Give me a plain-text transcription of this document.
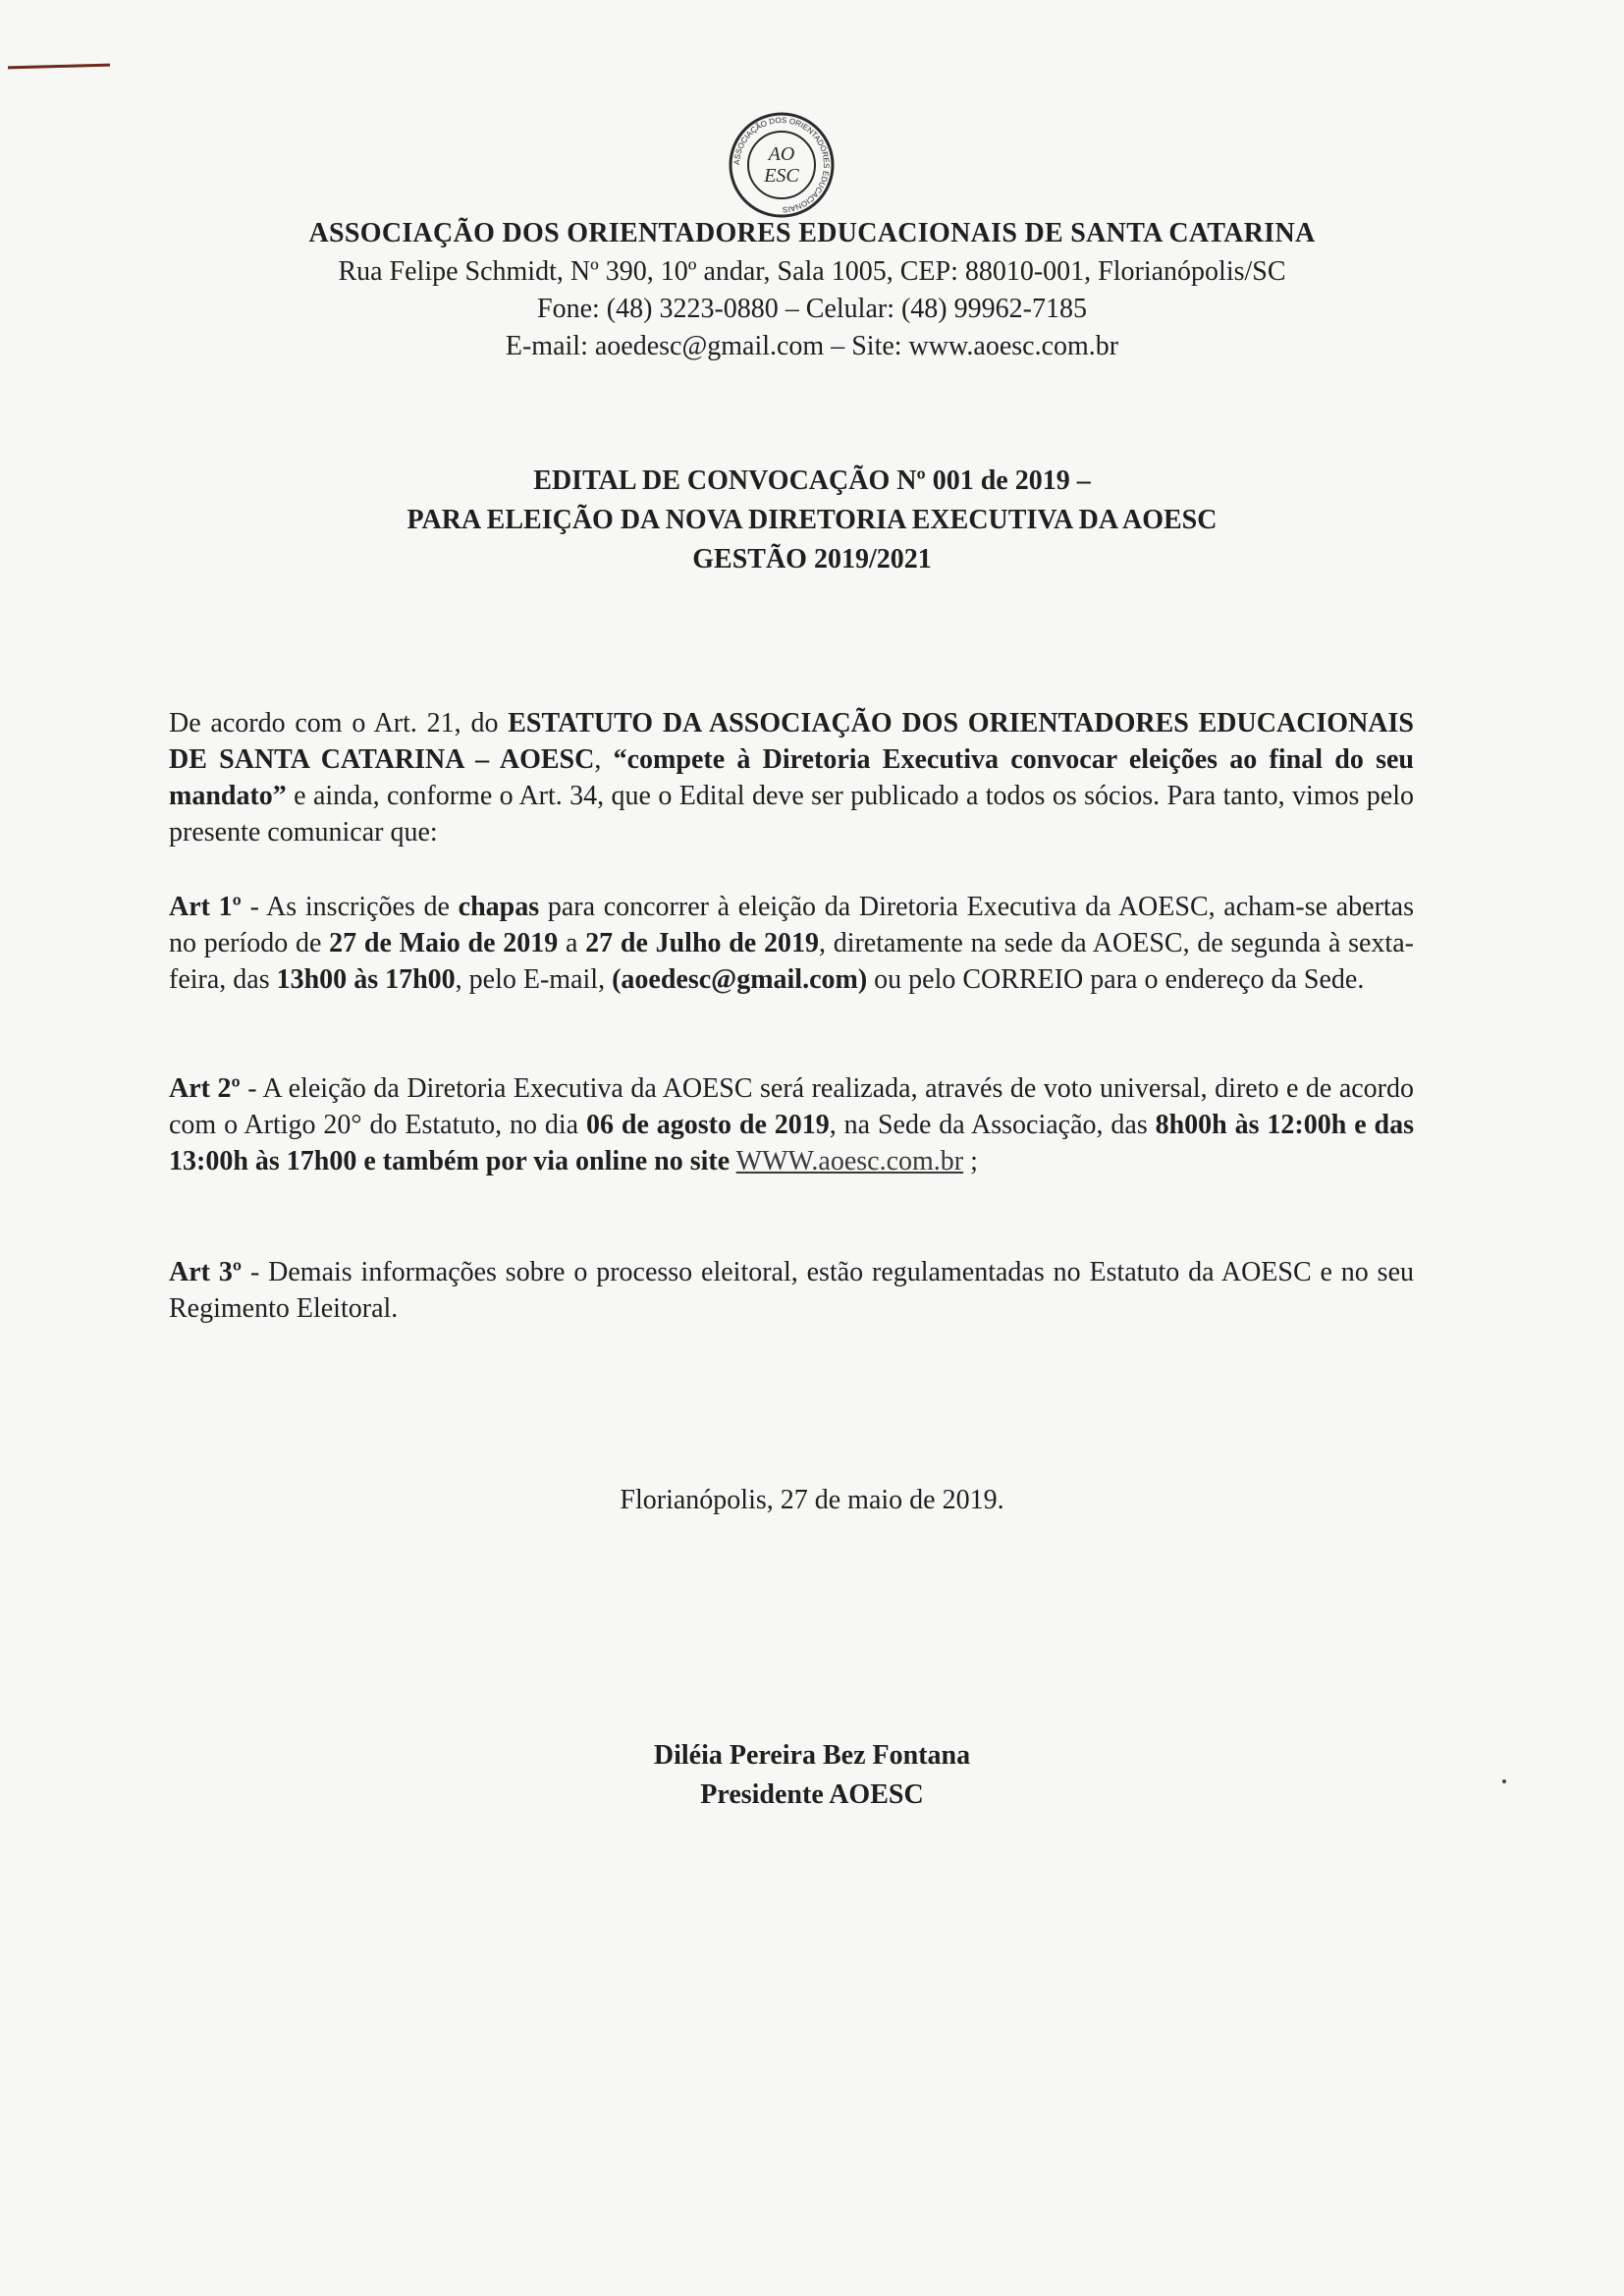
ASSOCIAÇÃO DOS ORIENTADORES EDUCACIONAIS
AO
ESC
ASSOCIAÇÃO DOS ORIENTADORES EDUCACIONAIS DE SANTA CATARINA
Rua Felipe Schmidt, Nº 390, 10º andar, Sala 1005, CEP: 88010-001, Florianópolis/SC
Fone: (48) 3223-0880 – Celular: (48) 99962-7185
E-mail: aoedesc@gmail.com – Site: www.aoesc.com.br
EDITAL DE CONVOCAÇÃO Nº 001 de 2019 –
PARA ELEIÇÃO DA NOVA DIRETORIA EXECUTIVA DA AOESC
GESTÃO 2019/2021

De acordo com o Art. 21, do ESTATUTO DA ASSOCIAÇÃO DOS ORIENTADORES EDUCACIONAIS DE SANTA CATARINA – AOESC, “compete à Diretoria Executiva convocar eleições ao final do seu mandato” e ainda, conforme o Art. 34, que o Edital deve ser publicado a todos os sócios. Para tanto, vimos pelo presente comunicar que:

Art 1º - As inscrições de chapas para concorrer à eleição da Diretoria Executiva da AOESC, acham-se abertas no período de 27 de Maio de 2019 a 27 de Julho de 2019, diretamente na sede da AOESC, de segunda à sexta-feira, das 13h00 às 17h00, pelo E-mail, (aoedesc@gmail.com) ou pelo CORREIO para o endereço da Sede.

Art 2º - A eleição da Diretoria Executiva da AOESC será realizada, através de voto universal, direto e de acordo com o Artigo 20° do Estatuto, no dia 06 de agosto de 2019, na Sede da Associação, das 8h00h às 12:00h e das 13:00h às 17h00 e também por via online no site WWW.aoesc.com.br ;

Art 3º - Demais informações sobre o processo eleitoral, estão regulamentadas no Estatuto da AOESC e no seu Regimento Eleitoral.

Florianópolis, 27 de maio de 2019.
Diléia Pereira Bez Fontana
Presidente AOESC
